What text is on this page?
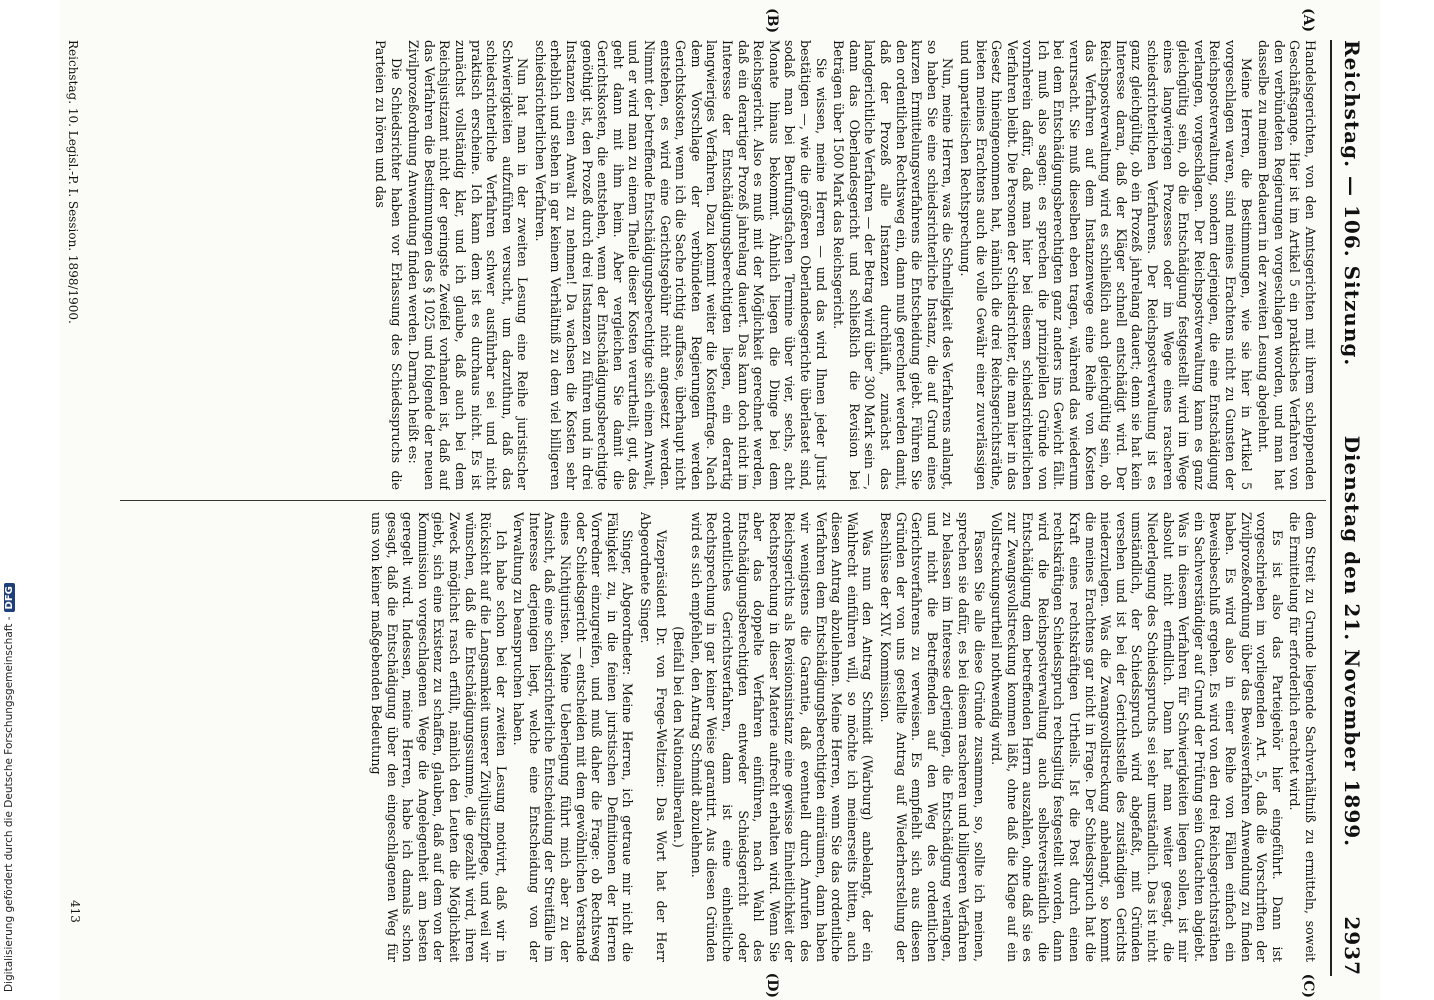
Digitalisierung gefördert durch die Deutsche Forschungsgemeinschaft -
DFG
Reichstag. — 106. Sitzung.
Dienstag den 21. November 1899.
2937
(A)
(B)
(C)
(D)

Handelsgerichten, von den Amtsgerichten mit ihrem schleppenden Geschäftsgange. Hier ist im Artikel 5 ein praktisches Verfahren von den verbündeten Regierungen vorgeschlagen worden, und man hat dasselbe zu meinem Bedauern in der zweiten Lesung abgelehnt.

Meine Herren, die Bestimmungen, wie sie hier in Artikel 5 vorgeschlagen waren, sind meines Erachtens nicht zu Gunsten der Reichspostverwaltung, sondern derjenigen, die eine Entschädigung verlangen, vorgeschlagen. Der Reichspostverwaltung kann es ganz gleichgültig sein, ob die Entschädigung festgestellt wird im Wege eines langwierigen Prozesses oder im Wege eines rascheren schiedsrichterlichen Verfahrens. Der Reichspostverwaltung ist es ganz gleichgültig, ob ein Prozeß jahrelang dauert; denn sie hat kein Interesse daran, daß der Kläger schnell entschädigt wird. Der Reichspostverwaltung wird es schließlich auch gleichgültig sein, ob das Verfahren auf dem Instanzenwege eine Reihe von Kosten verursacht. Sie muß dieselben eben tragen, während das wiederum bei dem Entschädigungsberechtigten ganz anders ins Gewicht fällt. Ich muß also sagen: es sprechen die prinzipiellen Gründe von vornherein dafür, daß man hier bei diesem schiedsrichterlichen Verfahren bleibt. Die Personen der Schiedsrichter, die man hier in das Gesetz hineingenommen hat, nämlich die drei Reichsgerichtsräthe, bieten meines Erachtens auch die volle Gewähr einer zuverlässigen und unparteiischen Rechtsprechung.

Nun, meine Herren, was die Schnelligkeit des Verfahrens anlangt, so haben Sie eine schiedsrichterliche Instanz, die auf Grund eines kurzen Ermittelungsverfahrens die Entscheidung giebt. Führen Sie den ordentlichen Rechtsweg ein, dann muß gerechnet werden damit, daß der Prozeß alle Instanzen durchläuft, zunächst das landgerichtliche Verfahren — der Betrag wird über 300 Mark sein —, dann das Oberlandesgericht und schließlich die Revision bei Beträgen über 1500 Mark das Reichsgericht.

Sie wissen, meine Herren — und das wird Ihnen jeder Jurist bestätigen —, wie die größeren Oberlandesgerichte überlastet sind, sodaß man bei Berufungsfachen Termine über vier, sechs, acht Monate hinaus bekommt. Ähnlich liegen die Dinge bei dem Reichsgericht. Also es muß mit der Möglichkeit gerechnet werden, daß ein derartiger Prozeß jahrelang dauert. Das kann doch nicht im Interesse der Entschädigungsberechtigten liegen, ein derartig langwieriges Verfahren. Dazu kommt weiter die Kostenfrage. Nach dem Vorschlage der verbündeten Regierungen werden Gerichtskosten, wenn ich die Sache richtig auffasse, überhaupt nicht entstehen, es wird eine Gerichtsgebühr nicht angesetzt werden. Nimmt der betreffende Entschädigungsberechtigte sich einen Anwalt, und er wird man zu einem Theile dieser Kosten verurtheilt, gut, das geht dann mit ihm heim. Aber vergleichen Sie damit die Gerichtskosten, die entstehen, wenn der Entschädigungsberechtigte genöthigt ist, den Prozeß durch drei Instanzen zu führen und in drei Instanzen einen Anwalt zu nehmen! Da wachsen die Kosten sehr erheblich und stehen in gar keinem Verhältniß zu dem viel billigeren schiedsrichterlichen Verfahren.

Nun hat man in der zweiten Lesung eine Reihe juristischer Schwierigkeiten aufzuführen versucht, um darzuthun, daß das schiedsrichterliche Verfahren schwer ausführbar sei und nicht praktisch erscheine. Ich kann dem ist es durchaus nicht. Es ist zunächst vollständig klar, und ich glaube, daß auch bei dem Reichsjustizamt nicht der geringste Zweifel vorhanden ist, daß auf das Verfahren die Bestimmungen des § 1025 und folgende der neuen Zivilprozeßordnung Anwendung finden werden. Darnach heißt es:

Die Schiedsrichter haben vor Erlassung des Schiedsspruchs die Parteien zu hören und das

dem Streit zu Grunde liegende Sachverhältniß zu ermitteln, soweit die Ermittelung für erforderlich erachtet wird.

Es ist also das Parteigehör hier eingeführt. Dann ist vorgeschrieben im vorliegenden Art. 5, daß die Vorschriften der Zivilprozeßordnung über das Beweisverfahren Anwendung zu finden haben. Es wird also in einer Reihe von Fällen einfach ein Beweisbeschluß ergehen. Es wird von den drei Reichsgerichtsräthen ein Sachverständiger auf Grund der Prüfung sein Gutachten abgiebt. Was in diesem Verfahren für Schwierigkeiten liegen sollen, ist mir absolut nicht erfindlich. Dann hat man weiter gesagt, die Niederlegung des Schiedsspruchs sei sehr umständlich. Das ist nicht umständlich, der Schiedsspruch wird abgefaßt, mit Gründen versehen und ist bei der Gerichtsstelle des zuständigen Gerichts niederzulegen. Was die Zwangsvollstreckung anbelangt, so kommt die meines Erachtens gar nicht in Frage. Der Schiedsspruch hat die Kraft eines rechtskräftigen Urtheils. Ist die Post durch einen rechtskräftigen Schiedsspruch rechtsgiltig festgestellt worden, dann wird die Reichspostverwaltung auch selbstverständlich die Entschädigung dem betreffenden Herrn auszahlen, ohne daß sie es zur Zwangsvollstreckung kommen läßt, ohne daß die Klage auf ein Vollstreckungsurtheil nothwendig wird.

Fassen Sie alle diese Gründe zusammen, so, sollte ich meinen, sprechen sie dafür, es bei diesem rascheren und billigeren Verfahren zu belassen im Interesse derjenigen, die Entschädigung verlangen, und nicht die Betreffenden auf den Weg des ordentlichen Gerichtsverfahrens zu verweisen. Es empfiehlt sich aus diesen Gründen der von uns gestellte Antrag auf Wiederherstellung der Beschlüsse der XIV. Kommission.

Was nun den Antrag Schmidt (Warburg) anbelangt, der ein Wahlrecht einführen will, so möchte ich meinerseits bitten, auch diesen Antrag abzulehnen. Meine Herren, wenn Sie das ordentliche Verfahren dem Entschädigungsberechtigten einräumen, dann haben wir wenigstens die Garantie, daß eventuell durch Anrufen des Reichsgerichts als Revisionsinstanz eine gewisse Einheitlichkeit der Rechtsprechung in dieser Materie aufrecht erhalten wird. Wenn Sie aber das doppelte Verfahren einführen, nach Wahl des Entschädigungsberechtigten entweder Schiedsgericht oder ordentliches Gerichtsverfahren, dann ist eine einheitliche Rechtsprechung in gar keiner Weise garantirt. Aus diesen Gründen wird es sich empfehlen, den Antrag Schmidt abzulehnen.

(Beifall bei den Nationalliberalen.)

Vizepräsident Dr. von Frege-Weltzien: Das Wort hat der Herr Abgeordnete Singer.

Singer, Abgeordneter: Meine Herren, ich getraue mir nicht die Fähigkeit zu, in die feinen juristischen Definitionen der Herren Vorredner einzugreifen, und muß daher die Frage: ob Rechtsweg oder Schiedsgericht — entscheiden mit dem gewöhnlichen Verstande eines Nichtjuristen. Meine Ueberlegung führt mich aber zu der Ansicht, daß eine schiedsrichterliche Entscheidung der Streitfälle im Interesse derjenigen liegt, welche eine Entscheidung von der Verwaltung zu beanspruchen haben.

Ich habe schon bei der zweiten Lesung motivirt, daß wir in Rücksicht auf die Langsamkeit unserer Ziviljustizpflege, und weil wir wünschen, daß die Entschädigungssumme, die gezahlt wird, ihren Zweck möglichst rasch erfüllt, nämlich den Leuten die Möglichkeit giebt, sich eine Existenz zu schaffen, glauben, daß auf dem von der Kommission vorgeschlagenen Wege die Angelegenheit am besten geregelt wird. Indessen, meine Herren, habe ich damals schon gesagt, daß die Entschädigung über den eingeschlagenen Weg für uns von keiner maßgebenden Bedeutung

Reichstag. 10. Legisl.-P. I. Session. 1898/1900.
413
